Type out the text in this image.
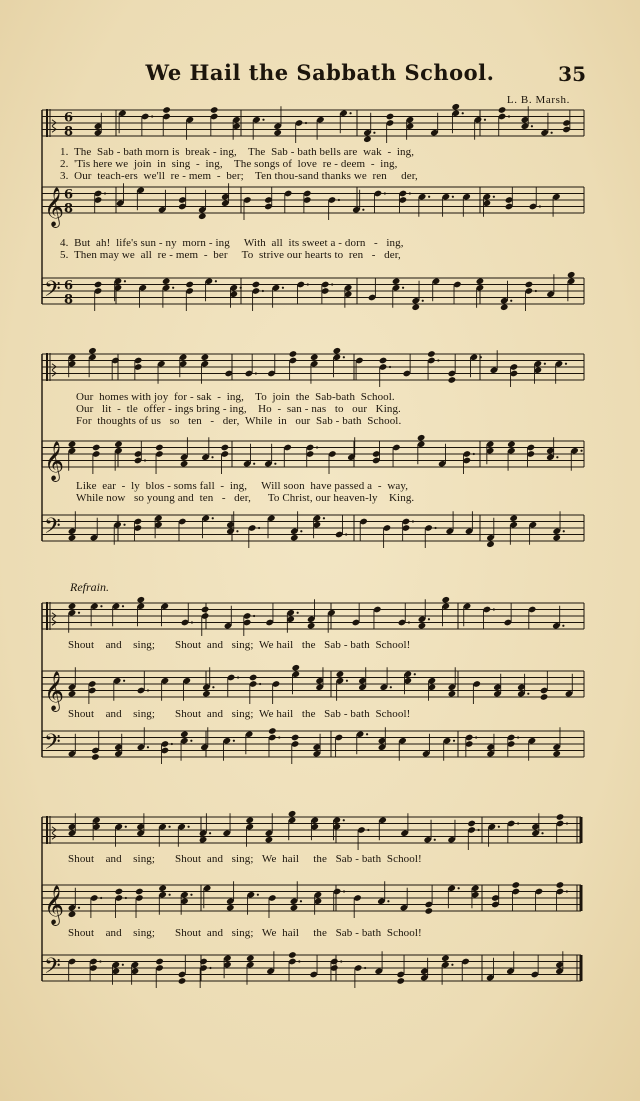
We Hail the Sabbath School.	35
L. B. Marsh.
6
8
𝄞 6
8
𝄢 6
8
𝄞
𝄢
𝄞
𝄢
𝄞
𝄢
1.  The  Sab - bath morn is  break - ing,    The  Sab - bath bells are  wak  -  ing,
2.  'Tis here we  join  in  sing  -  ing,    The songs of  love  re - deem  -  ing,
3.  Our  teach-ers  we'll  re - mem  -  ber;    Ten thou-sand thanks we  ren     der,
4.  But  ah!  life's sun - ny  morn - ing     With  all  its sweet a - dorn   -   ing,
5.  Then may we  all  re - mem  -  ber     To  strive our hearts to  ren   -   der,
Our  homes with joy  for - sak  -  ing,    To  join  the  Sab-bath  School.
Our   lit  -  tle  offer - ings bring - ing,    Ho  -  san - nas   to   our   King.
For  thoughts of us   so   ten   -   der,  While  in   our  Sab - bath  School.
Like  ear  -  ly  blos - soms fall  -  ing,     Will soon  have passed a  -  way,
While now   so young and  ten   -   der,      To Christ, our heaven-ly    King.
Refrain.
Shout    and    sing;       Shout  and   sing;  We hail   the   Sab - bath  School!
Shout    and    sing;       Shout  and   sing;  We hail   the   Sab - bath  School!
Shout    and    sing;       Shout  and   sing;   We  hail     the   Sab - bath  School!
Shout    and    sing;       Shout  and   sing;   We  hail     the   Sab - bath  School!
